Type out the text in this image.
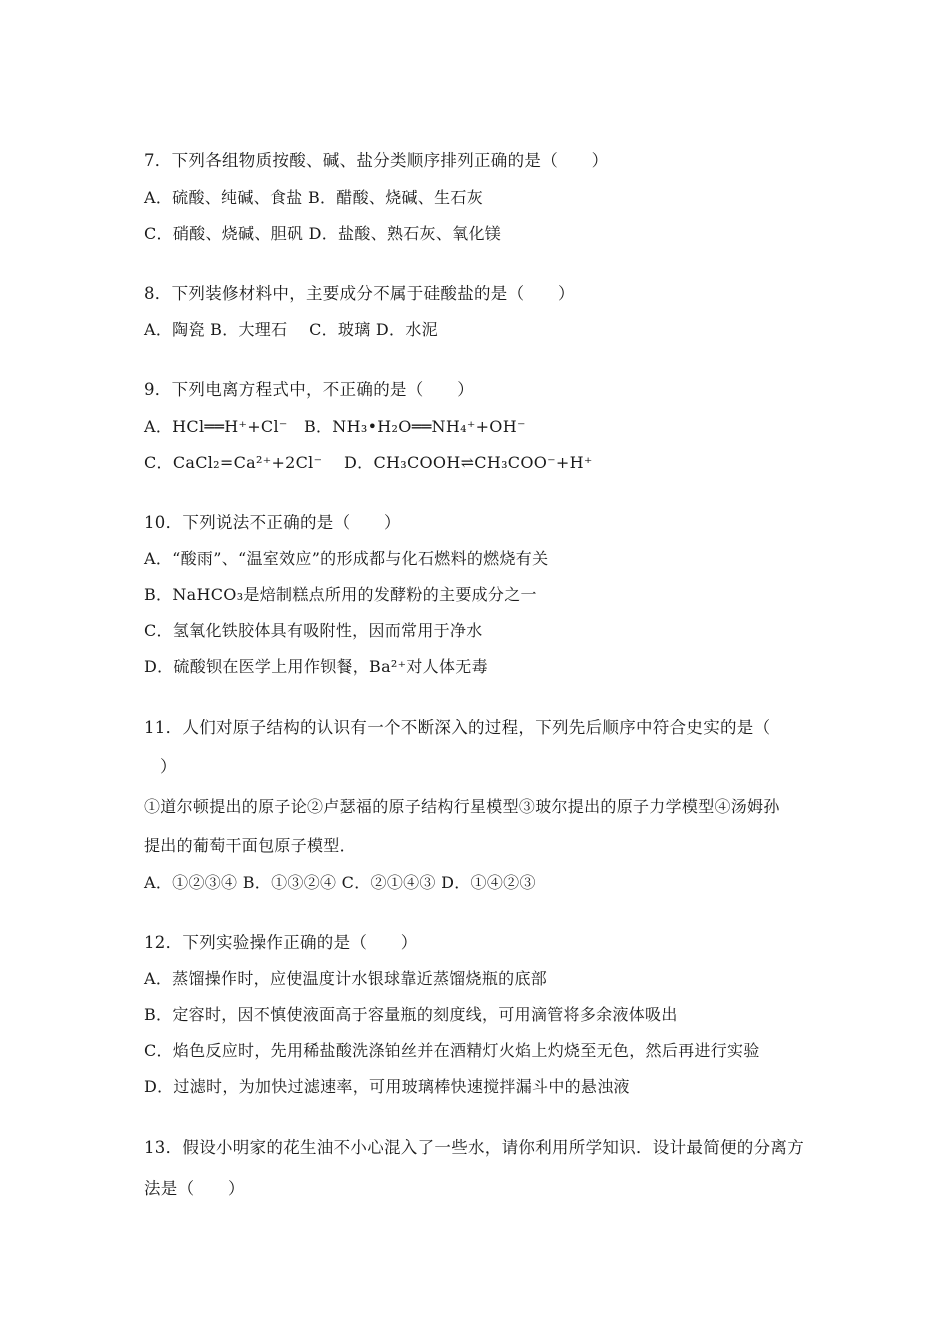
7．下列各组物质按酸、碱、盐分类顺序排列正确的是（　　）
A．硫酸、纯碱、食盐 B．醋酸、烧碱、生石灰
C．硝酸、烧碱、胆矾 D．盐酸、熟石灰、氧化镁
8．下列装修材料中，主要成分不属于硅酸盐的是（　　）
A．陶瓷 B．大理石　 C．玻璃 D．水泥
9．下列电离方程式中，不正确的是（　　）
A．HCl══H⁺+Cl⁻　B．NH₃•H₂O══NH₄⁺+OH⁻
C．CaCl₂=Ca²⁺+2Cl⁻　 D．CH₃COOH⇌CH₃COO⁻+H⁺
10．下列说法不正确的是（　　）
A．“酸雨”、“温室效应”的形成都与化石燃料的燃烧有关
B．NaHCO₃是焙制糕点所用的发酵粉的主要成分之一
C．氢氧化铁胶体具有吸附性，因而常用于净水
D．硫酸钡在医学上用作钡餐，Ba²⁺对人体无毒
11．人们对原子结构的认识有一个不断深入的过程，下列先后顺序中符合史实的是（
）
①道尔顿提出的原子论②卢瑟福的原子结构行星模型③玻尔提出的原子力学模型④汤姆孙
提出的葡萄干面包原子模型．
A．①②③④ B．①③②④ C．②①④③ D．①④②③
12．下列实验操作正确的是（　　）
A．蒸馏操作时，应使温度计水银球靠近蒸馏烧瓶的底部
B．定容时，因不慎使液面高于容量瓶的刻度线，可用滴管将多余液体吸出
C．焰色反应时，先用稀盐酸洗涤铂丝并在酒精灯火焰上灼烧至无色，然后再进行实验
D．过滤时，为加快过滤速率，可用玻璃棒快速搅拌漏斗中的悬浊液
13．假设小明家的花生油不小心混入了一些水，请你利用所学知识．设计最简便的分离方
法是（　　）
